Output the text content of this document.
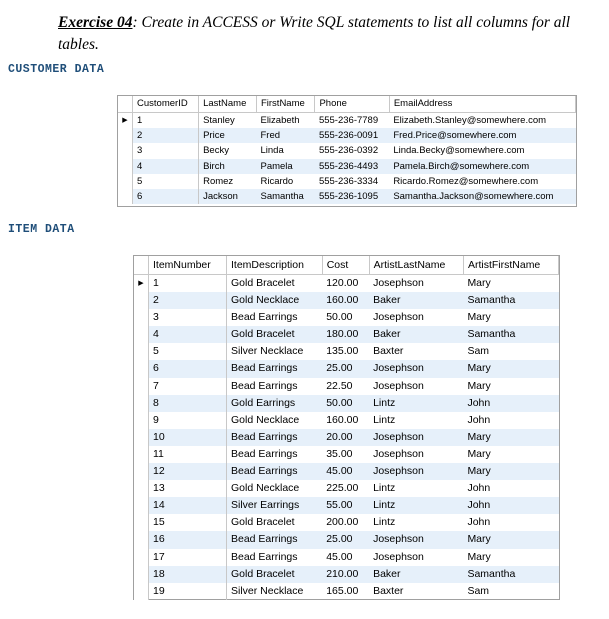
Exercise 04: Create in ACCESS or Write SQL statements to list all columns for all tables.
CUSTOMER DATA
	CustomerID	LastName	FirstName	Phone	EmailAddress
▶	1	Stanley	Elizabeth	555-236-7789	Elizabeth.Stanley@somewhere.com
	2	Price	Fred	555-236-0091	Fred.Price@somewhere.com
	3	Becky	Linda	555-236-0392	Linda.Becky@somewhere.com
	4	Birch	Pamela	555-236-4493	Pamela.Birch@somewhere.com
	5	Romez	Ricardo	555-236-3334	Ricardo.Romez@somewhere.com
	6	Jackson	Samantha	555-236-1095	Samantha.Jackson@somewhere.com
ITEM DATA
	ItemNumber	ItemDescription	Cost	ArtistLastName	ArtistFirstName
▶	1	Gold Bracelet	120.00	Josephson	Mary
	2	Gold Necklace	160.00	Baker	Samantha
	3	Bead Earrings	50.00	Josephson	Mary
	4	Gold Bracelet	180.00	Baker	Samantha
	5	Silver Necklace	135.00	Baxter	Sam
	6	Bead Earrings	25.00	Josephson	Mary
	7	Bead Earrings	22.50	Josephson	Mary
	8	Gold Earrings	50.00	Lintz	John
	9	Gold Necklace	160.00	Lintz	John
	10	Bead Earrings	20.00	Josephson	Mary
	11	Bead Earrings	35.00	Josephson	Mary
	12	Bead Earrings	45.00	Josephson	Mary
	13	Gold Necklace	225.00	Lintz	John
	14	Silver Earrings	55.00	Lintz	John
	15	Gold Bracelet	200.00	Lintz	John
	16	Bead Earrings	25.00	Josephson	Mary
	17	Bead Earrings	45.00	Josephson	Mary
	18	Gold Bracelet	210.00	Baker	Samantha
	19	Silver Necklace	165.00	Baxter	Sam
